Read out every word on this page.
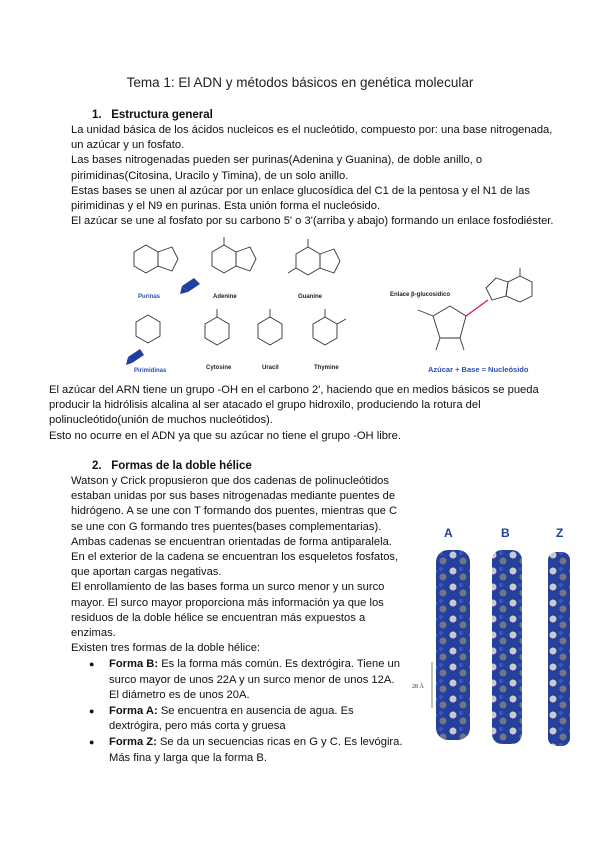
Tema 1: El ADN y métodos básicos en genética molecular
1. Estructura general
La unidad básica de los ácidos nucleicos es el nucleótido, compuesto por: una base nitrogenada, un azúcar y un fosfato.
Las bases nitrogenadas pueden ser purinas(Adenina y Guanina), de doble anillo, o pirimidinas(Citosina, Uracilo y Timina), de un solo anillo.
Estas bases se unen al azúcar por un enlace glucosídica del C1 de la pentosa y el N1 de las pirimidinas y el N9 en purinas. Esta unión forma el nucleósido.
El azúcar se une al fosfato por su carbono 5' o 3'(arriba y abajo) formando un enlace fosfodiéster.
Purinas	Adenine	Guanine
Pirimidinas	Cytosine	Uracil	Thymine
Enlace β-glucosidico
Azúcar + Base = Nucleósido
El azúcar del ARN tiene un grupo -OH en el carbono 2', haciendo que en medios básicos se pueda producir la hidrólisis alcalina al ser atacado el grupo hidroxilo, produciendo la rotura del polinucleótido(unión de muchos nucleótidos).
Esto no ocurre en el ADN ya que su azúcar no tiene el grupo -OH libre.
2. Formas de la doble hélice
Watson y Crick propusieron que dos cadenas de polinucleótidos estaban unidas por sus bases nitrogenadas mediante puentes de hidrógeno. A se une con T formando dos puentes, mientras que C se une con G formando tres puentes(bases complementarias).
Ambas cadenas se encuentran orientadas de forma antiparalela. En el exterior de la cadena se encuentran los esqueletos fosfatos, que aportan cargas negativas.
El enrollamiento de las bases forma un surco menor y un surco mayor. El surco mayor proporciona más información ya que los residuos de la doble hélice se encuentran más expuestos a enzimas.
Existen tres formas de la doble hélice:
● Forma B: Es la forma más común. Es dextrógira. Tiene un surco mayor de unos 22A y un surco menor de unos 12A. El diámetro es de unos 20A.
● Forma A: Se encuentra en ausencia de agua. Es dextrógira, pero más corta y gruesa
● Forma Z: Se da un secuencias ricas en G y C. Es levógira. Más fina y larga que la forma B.
A	B	Z
28 Å
